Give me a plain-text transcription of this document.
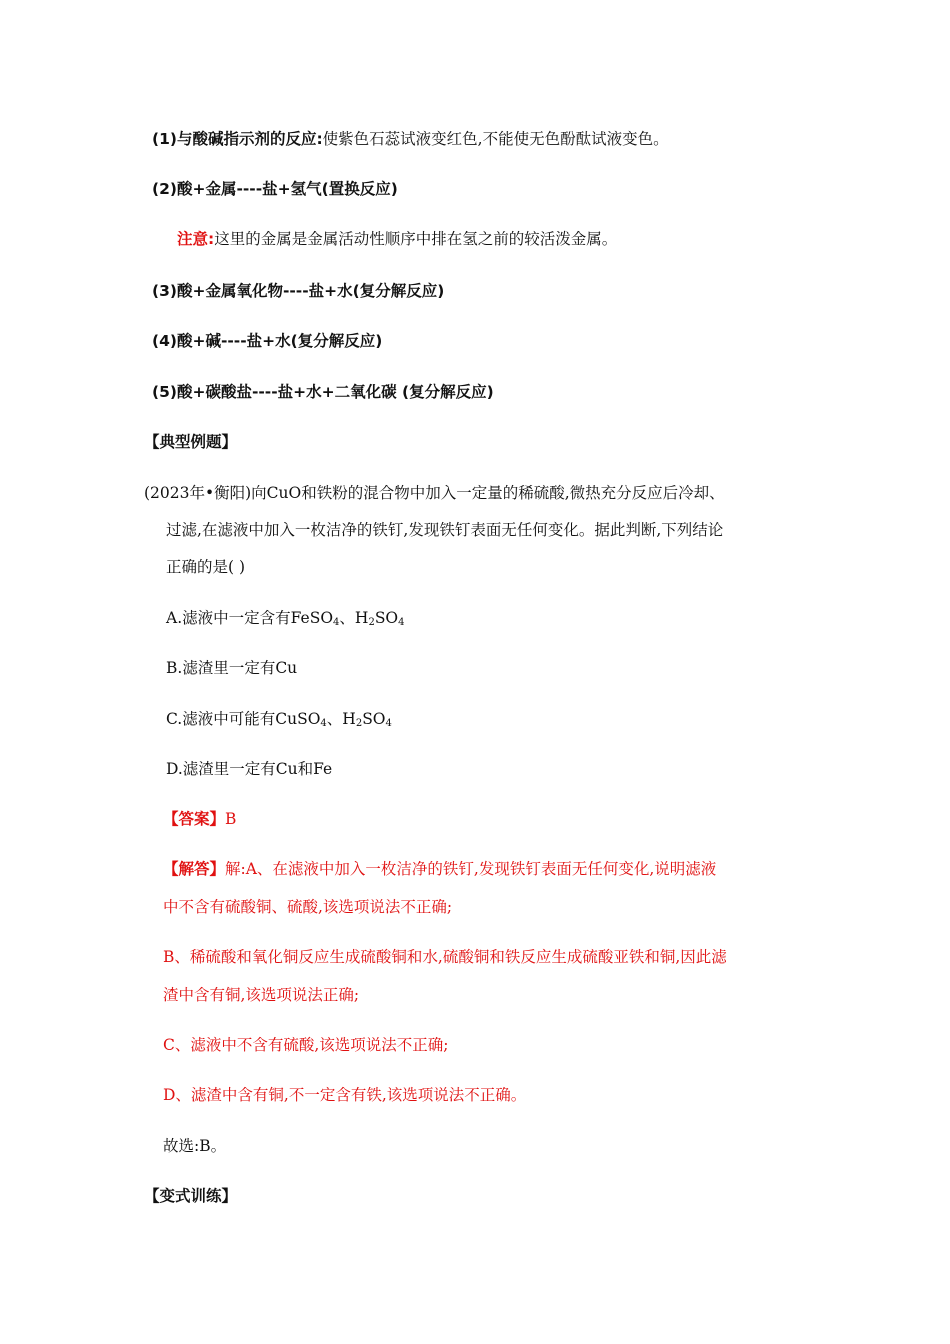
(1)与酸碱指示剂的反应:使紫色石蕊试液变红色,不能使无色酚酞试液变色。
(2)酸+金属----盐+氢气(置换反应)
注意:这里的金属是金属活动性顺序中排在氢之前的较活泼金属。
(3)酸+金属氧化物----盐+水(复分解反应)
(4)酸+碱----盐+水(复分解反应)
(5)酸+碳酸盐----盐+水+二氧化碳 (复分解反应)
【典型例题】
(2023年•衡阳)向CuO和铁粉的混合物中加入一定量的稀硫酸,微热充分反应后冷却、
过滤,在滤液中加入一枚洁净的铁钉,发现铁钉表面无任何变化。据此判断,下列结论
正确的是( )
A.滤液中一定含有FeSO$_4$、$H_2SO_4$
B.滤渣里一定有Cu
C.滤液中可能有CuSO$_4$、$H_2SO_4$
D.滤渣里一定有Cu和Fe
【答案】B
【解答】解:A、在滤液中加入一枚洁净的铁钉,发现铁钉表面无任何变化,说明滤液
中不含有硫酸铜、硫酸,该选项说法不正确;
B、稀硫酸和氧化铜反应生成硫酸铜和水,硫酸铜和铁反应生成硫酸亚铁和铜,因此滤
渣中含有铜,该选项说法正确;
C、滤液中不含有硫酸,该选项说法不正确;
D、滤渣中含有铜,不一定含有铁,该选项说法不正确。
故选:B。
【变式训练】
